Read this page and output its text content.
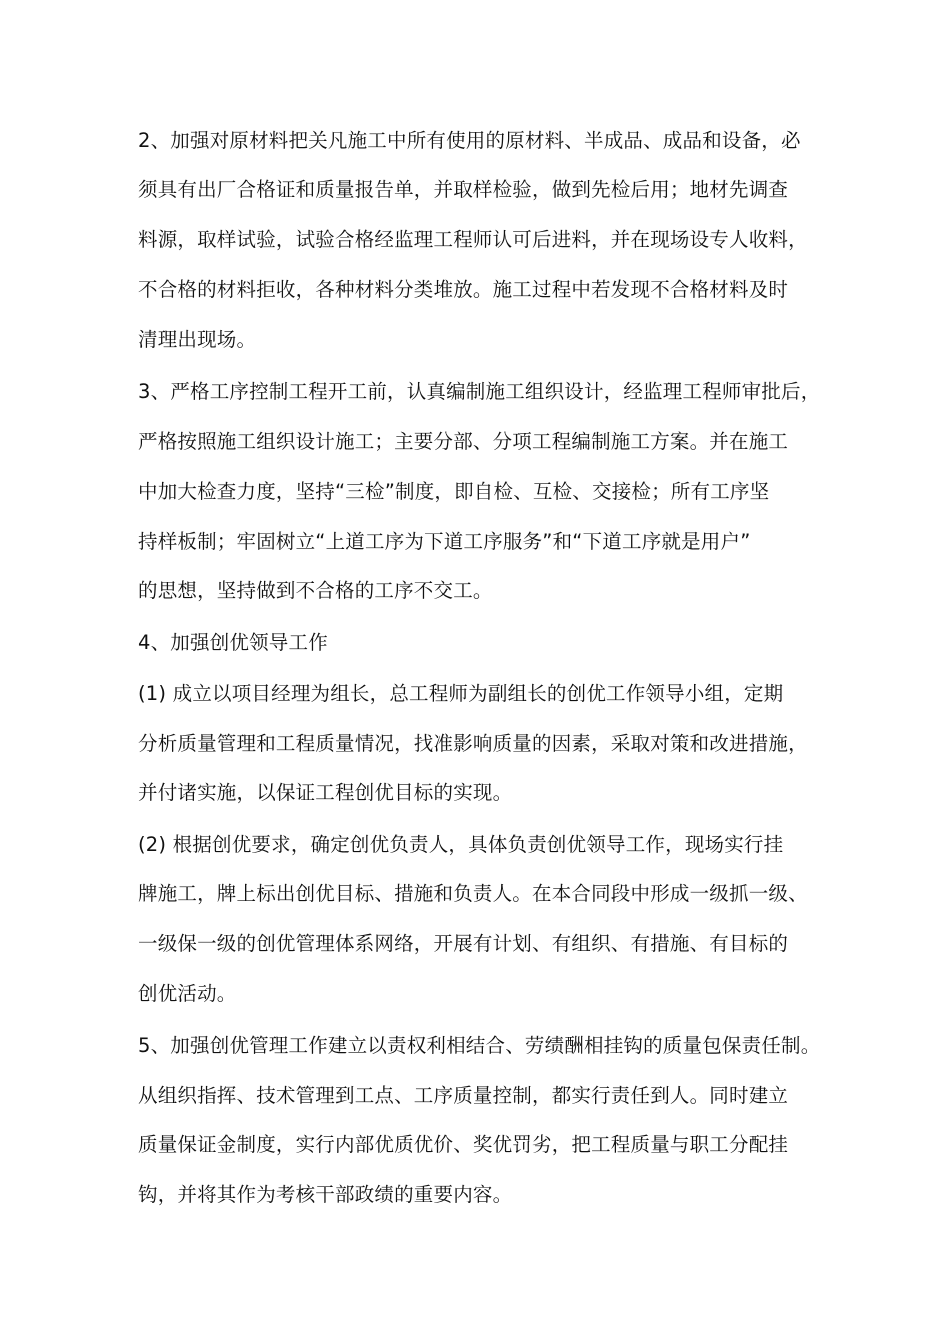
2、加强对原材料把关凡施工中所有使用的原材料、半成品、成品和设备，必
须具有出厂合格证和质量报告单，并取样检验，做到先检后用；地材先调查
料源，取样试验，试验合格经监理工程师认可后进料，并在现场设专人收料，
不合格的材料拒收，各种材料分类堆放。施工过程中若发现不合格材料及时
清理出现场。
3、严格工序控制工程开工前，认真编制施工组织设计，经监理工程师审批后，
严格按照施工组织设计施工；主要分部、分项工程编制施工方案。并在施工
中加大检查力度，坚持“三检”制度，即自检、互检、交接检；所有工序坚
持样板制；牢固树立“上道工序为下道工序服务”和“下道工序就是用户”
的思想，坚持做到不合格的工序不交工。
4、加强创优领导工作
(1) 成立以项目经理为组长，总工程师为副组长的创优工作领导小组，定期
分析质量管理和工程质量情况，找准影响质量的因素，采取对策和改进措施，
并付诸实施，以保证工程创优目标的实现。
(2) 根据创优要求，确定创优负责人，具体负责创优领导工作，现场实行挂
牌施工，牌上标出创优目标、措施和负责人。在本合同段中形成一级抓一级、
一级保一级的创优管理体系网络，开展有计划、有组织、有措施、有目标的
创优活动。
5、加强创优管理工作建立以责权利相结合、劳绩酬相挂钩的质量包保责任制。
从组织指挥、技术管理到工点、工序质量控制，都实行责任到人。同时建立
质量保证金制度，实行内部优质优价、奖优罚劣，把工程质量与职工分配挂
钩，并将其作为考核干部政绩的重要内容。
